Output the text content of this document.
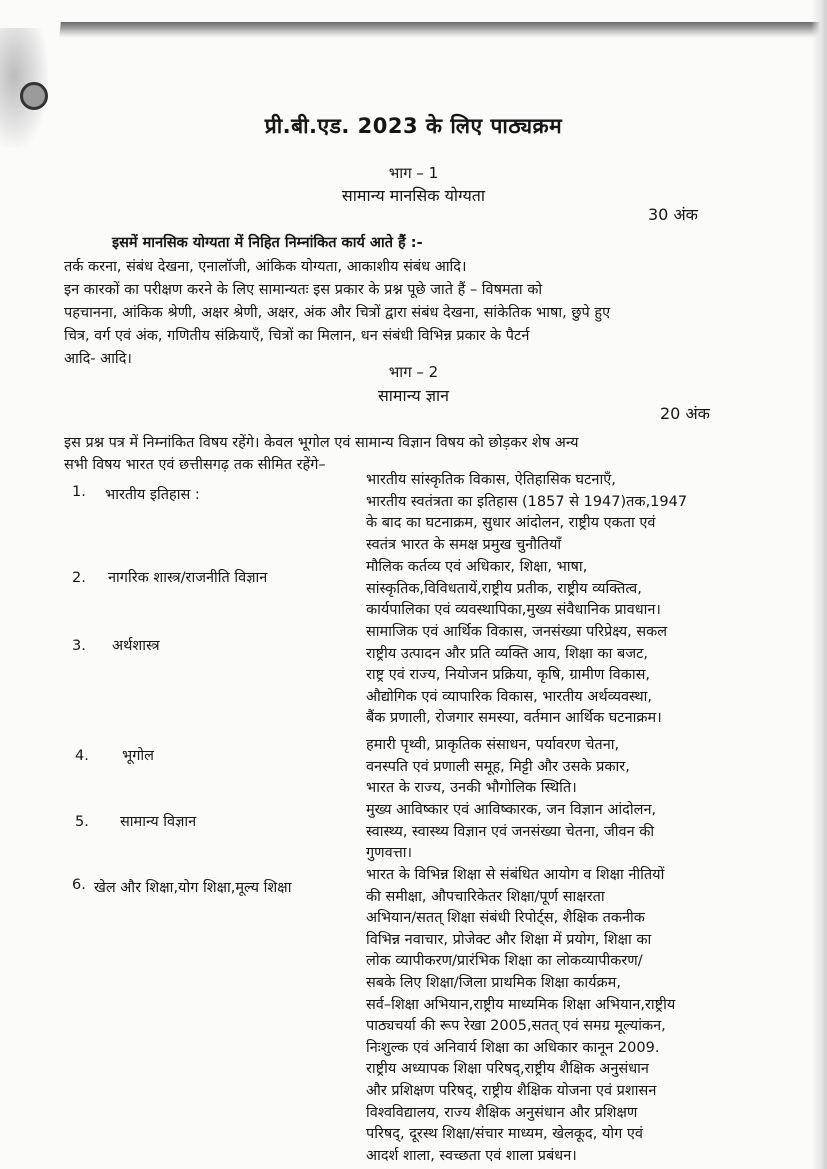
प्री.बी.एड. 2023 के लिए पाठ्यक्रम
भाग – 1
सामान्य मानसिक योग्यता
30 अंक
इसमें मानसिक योग्यता में निहित निम्नांकित कार्य आते हैं :-
तर्क करना, संबंध देखना, एनालॉजी, आंकिक योग्यता, आकाशीय संबंध आदि।
इन कारकों का परीक्षण करने के लिए सामान्यतः इस प्रकार के प्रश्न पूछे जाते हैं – विषमता को
पहचानना, आंकिक श्रेणी, अक्षर श्रेणी, अक्षर, अंक और चित्रों द्वारा संबंध देखना, सांकेतिक भाषा, छुपे हुए
चित्र, वर्ग एवं अंक, गणितीय संक्रियाएँ, चित्रों का मिलान, धन संबंधी विभिन्न प्रकार के पैटर्न
आदि- आदि।
भाग – 2
सामान्य ज्ञान
20 अंक
इस प्रश्न पत्र में निम्नांकित विषय रहेंगे। केवल भूगोल एवं सामान्य विज्ञान विषय को छोड़कर शेष अन्य
सभी विषय भारत एवं छत्तीसगढ़ तक सीमित रहेंगे–
1. भारतीय इतिहास :
भारतीय सांस्कृतिक विकास, ऐतिहासिक घटनाएँ,
भारतीय स्वतंत्रता का इतिहास (1857 से 1947)तक,1947
के बाद का घटनाक्रम, सुधार आंदोलन, राष्ट्रीय एकता एवं
स्वतंत्र भारत के समक्ष प्रमुख चुनौतियाँ
2. नागरिक शास्त्र/राजनीति विज्ञान
मौलिक कर्तव्य एवं अधिकार, शिक्षा, भाषा,
सांस्कृतिक,विविधतायें,राष्ट्रीय प्रतीक, राष्ट्रीय व्यक्तित्व,
कार्यपालिका एवं व्यवस्थापिका,मुख्य संवैधानिक प्रावधान।
3. अर्थशास्त्र
सामाजिक एवं आर्थिक विकास, जनसंख्या परिप्रेक्ष्य, सकल
राष्ट्रीय उत्पादन और प्रति व्यक्ति आय, शिक्षा का बजट,
राष्ट्र एवं राज्य, नियोजन प्रक्रिया, कृषि, ग्रामीण विकास,
औद्योगिक एवं व्यापारिक विकास, भारतीय अर्थव्यवस्था,
बैंक प्रणाली, रोजगार समस्या, वर्तमान आर्थिक घटनाक्रम।
4. भूगोल
हमारी पृथ्वी, प्राकृतिक संसाधन, पर्यावरण चेतना,
वनस्पति एवं प्रणाली समूह, मिट्टी और उसके प्रकार,
भारत के राज्य, उनकी भौगोलिक स्थिति।
5. सामान्य विज्ञान
मुख्य आविष्कार एवं आविष्कारक, जन विज्ञान आंदोलन,
स्वास्थ्य, स्वास्थ्य विज्ञान एवं जनसंख्या चेतना, जीवन की
गुणवत्ता।
6. खेल और शिक्षा,योग शिक्षा,मूल्य शिक्षा
भारत के विभिन्न शिक्षा से संबंधित आयोग व शिक्षा नीतियों
की समीक्षा, औपचारिकेतर शिक्षा/पूर्ण साक्षरता
अभियान/सतत् शिक्षा संबंधी रिपोर्ट्स, शैक्षिक तकनीक
विभिन्न नवाचार, प्रोजेक्ट और शिक्षा में प्रयोग, शिक्षा का
लोक व्यापीकरण/प्रारंभिक शिक्षा का लोकव्यापीकरण/
सबके लिए शिक्षा/जिला प्राथमिक शिक्षा कार्यक्रम,
सर्व–शिक्षा अभियान,राष्ट्रीय माध्यमिक शिक्षा अभियान,राष्ट्रीय
पाठ्यचर्या की रूप रेखा 2005,सतत् एवं समग्र मूल्यांकन,
निःशुल्क एवं अनिवार्य शिक्षा का अधिकार कानून 2009.
राष्ट्रीय अध्यापक शिक्षा परिषद्,राष्ट्रीय शैक्षिक अनुसंधान
और प्रशिक्षण परिषद्, राष्ट्रीय शैक्षिक योजना एवं प्रशासन
विश्वविद्यालय, राज्य शैक्षिक अनुसंधान और प्रशिक्षण
परिषद्, दूरस्थ शिक्षा/संचार माध्यम, खेलकूद, योग एवं
आदर्श शाला, स्वच्छता एवं शाला प्रबंधन।
